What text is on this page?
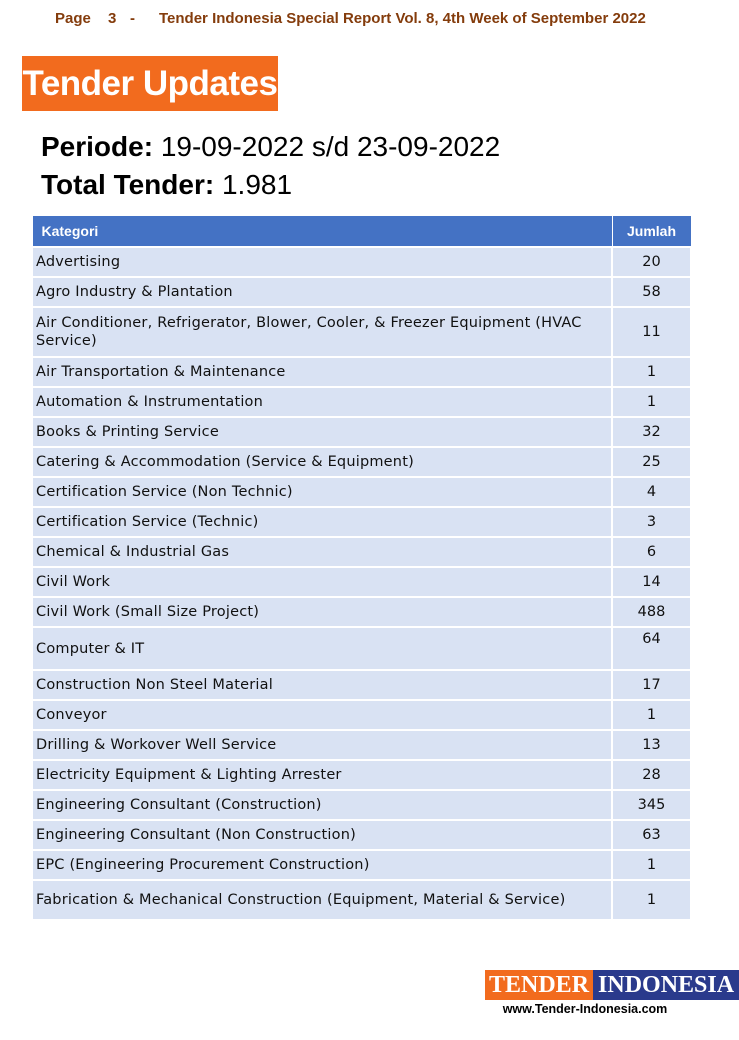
Page 3 - Tender Indonesia Special Report Vol. 8, 4th Week of September 2022
Tender Updates
Periode: 19-09-2022 s/d 23-09-2022
Total Tender: 1.981
Kategori	Jumlah
Advertising	20
Agro Industry & Plantation	58
Air Conditioner, Refrigerator, Blower, Cooler, & Freezer Equipment (HVAC Service)	11
Air Transportation & Maintenance	1
Automation & Instrumentation	1
Books & Printing Service	32
Catering & Accommodation (Service & Equipment)	25
Certification Service (Non Technic)	4
Certification Service (Technic)	3
Chemical & Industrial Gas	6
Civil Work	14
Civil Work (Small Size Project)	488
Computer & IT	64
Construction Non Steel Material	17
Conveyor	1
Drilling & Workover Well Service	13
Electricity Equipment & Lighting Arrester	28
Engineering Consultant (Construction)	345
Engineering Consultant (Non Construction)	63
EPC (Engineering Procurement Construction)	1
Fabrication & Mechanical Construction (Equipment, Material & Service)	1
TENDER INDONESIA
www.Tender-Indonesia.com
